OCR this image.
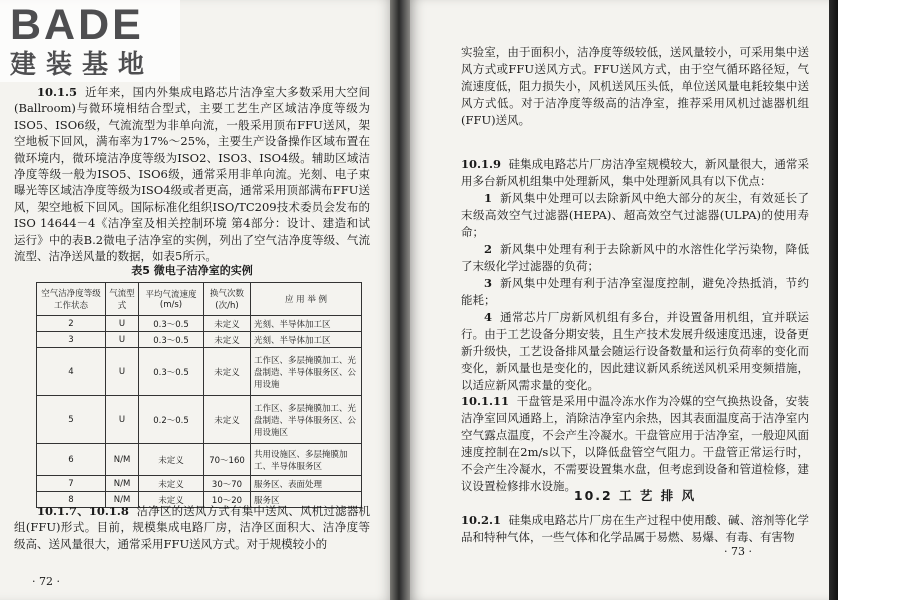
10.1.5 近年来，国内外集成电路芯片洁净室大多数采用大空间(Ballroom)与微环境相结合型式，主要工艺生产区域洁净度等级为ISO5、ISO6级，气流流型为非单向流，一般采用顶布FFU送风，架空地板下回风，满布率为17%～25%，主要生产设备操作区域布置在微环境内，微环境洁净度等级为ISO2、ISO3、ISO4级。辅助区域洁净度等级一般为ISO5、ISO6级，通常采用非单向流。光刻、电子束曝光等区域洁净度等级为ISO4级或者更高，通常采用顶部满布FFU送风，架空地板下回风。国际标准化组织ISO/TC209技术委员会发布的ISO 14644－4《洁净室及相关控制环境 第4部分：设计、建造和试运行》中的表B.2微电子洁净室的实例，列出了空气洁净度等级、气流流型、洁净送风量的数据，如表5所示。
表5 微电子洁净室的实例
空气洁净度等级工作状态	气流型式	平均气流速度(m/s)	换气次数(次/h)	应 用 举 例
2	U	0.3～0.5	未定义	光刻、半导体加工区
3	U	0.3～0.5	未定义	光刻、半导体加工区
4	U	0.3～0.5	未定义	工作区、多层掩膜加工、光盘制造、半导体服务区、公用设施
5	U	0.2～0.5	未定义	工作区、多层掩膜加工、光盘制造、半导体服务区、公用设施区
6	N/M	未定义	70～160	共用设施区、多层掩膜加工、半导体服务区
7	N/M	未定义	30～70	服务区、表面处理
8	N/M	未定义	10～20	服务区
10.1.7、10.1.8 洁净区的送风方式有集中送风、风机过滤器机组(FFU)形式。目前，规模集成电路厂房，洁净区面积大、洁净度等级高、送风量很大，通常采用FFU送风方式。对于规模较小的
· 72 ·
实验室，由于面积小，洁净度等级较低，送风量较小，可采用集中送风方式或FFU送风方式。FFU送风方式，由于空气循环路径短，气流速度低，阻力损失小，风机送风压头低，单位送风量电耗较集中送风方式低。对于洁净度等级高的洁净室，推荐采用风机过滤器机组(FFU)送风。
10.1.9 硅集成电路芯片厂房洁净室规模较大，新风量很大，通常采用多台新风机组集中处理新风，集中处理新风具有以下优点：
1 新风集中处理可以去除新风中绝大部分的灰尘，有效延长了末级高效空气过滤器(HEPA)、超高效空气过滤器(ULPA)的使用寿命；
2 新风集中处理有利于去除新风中的水溶性化学污染物，降低了末级化学过滤器的负荷；
3 新风集中处理有利于洁净室湿度控制，避免冷热抵消，节约能耗；
4 通常芯片厂房新风机组有多台，并设置备用机组，宜并联运行。由于工艺设备分期安装，且生产技术发展升级速度迅速，设备更新升级快，工艺设备排风量会随运行设备数量和运行负荷率的变化而变化，新风量也是变化的，因此建议新风系统送风机采用变频措施，以适应新风需求量的变化。
10.1.11 干盘管是采用中温冷冻水作为冷媒的空气换热设备，安装洁净室回风通路上，消除洁净室内余热，因其表面温度高于洁净室内空气露点温度，不会产生冷凝水。干盘管应用于洁净室，一般迎风面速度控制在2m/s以下，以降低盘管空气阻力。干盘管正常运行时，不会产生冷凝水，不需要设置集水盘，但考虑到设备和管道检修，建议设置检修排水设施。
10.2 工 艺 排 风
10.2.1 硅集成电路芯片厂房在生产过程中使用酸、碱、溶剂等化学品和特种气体，一些气体和化学品属于易燃、易爆、有毒、有害物
· 73 ·
BADE
建装基地
